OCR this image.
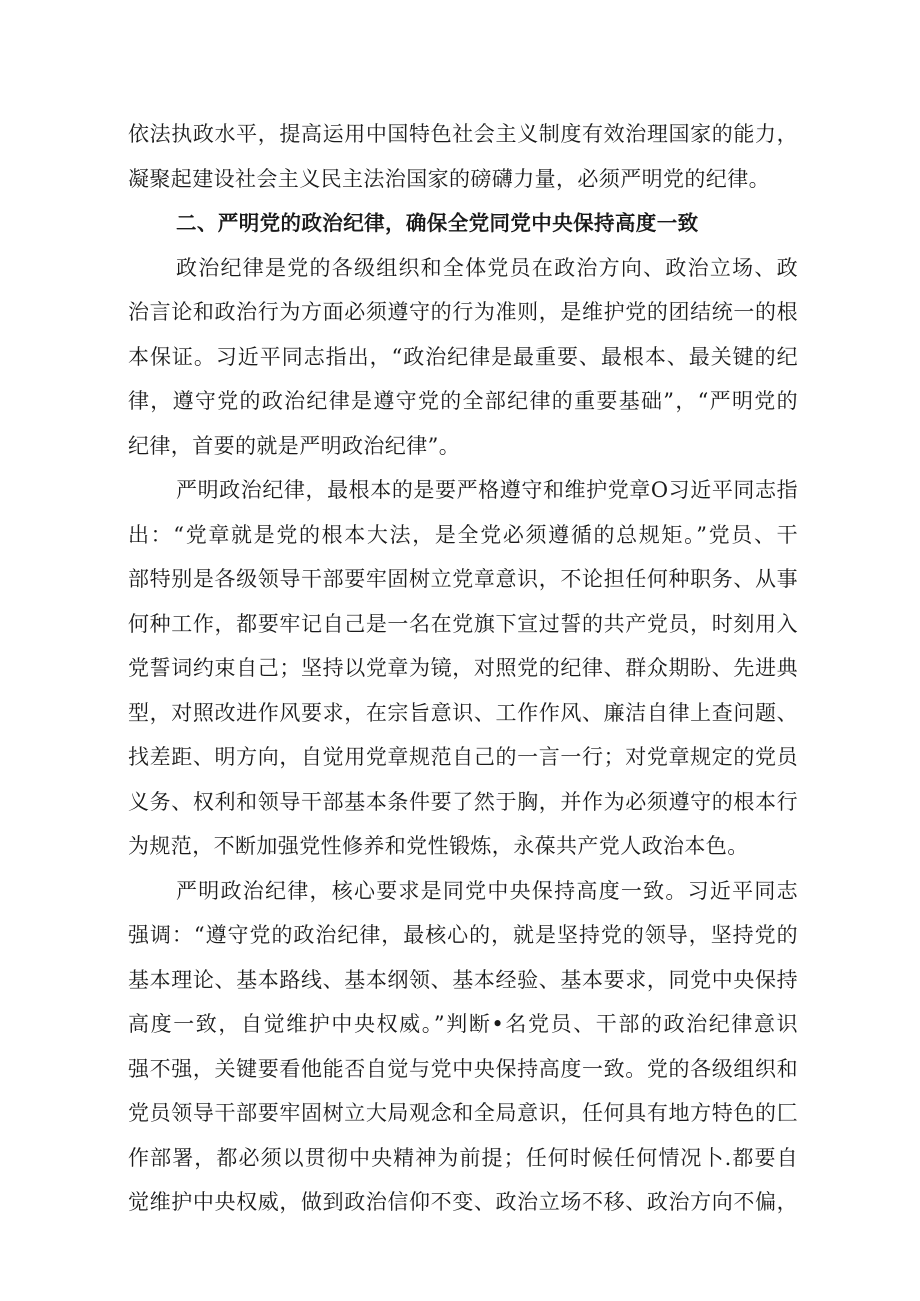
依法执政水平，提高运用中国特色社会主义制度有效治理国家的能力，
凝聚起建设社会主义民主法治国家的磅礴力量，必须严明党的纪律。
二、严明党的政治纪律，确保全党同党中央保持高度一致
政治纪律是党的各级组织和全体党员在政治方向、政治立场、政
治言论和政治行为方面必须遵守的行为准则，是维护党的团结统一的根
本保证。习近平同志指出，“政治纪律是最重要、最根本、最关键的纪
律，遵守党的政治纪律是遵守党的全部纪律的重要基础”，“严明党的
纪律，首要的就是严明政治纪律”。
严明政治纪律，最根本的是要严格遵守和维护党章O习近平同志指
出：“党章就是党的根本大法，是全党必须遵循的总规矩。”党员、干
部特别是各级领导干部要牢固树立党章意识，不论担任何种职务、从事
何种工作，都要牢记自己是一名在党旗下宣过誓的共产党员，时刻用入
党誓词约束自己；坚持以党章为镜，对照党的纪律、群众期盼、先进典
型，对照改进作风要求，在宗旨意识、工作作风、廉洁自律上查问题、
找差距、明方向，自觉用党章规范自己的一言一行；对党章规定的党员
义务、权利和领导干部基本条件要了然于胸，并作为必须遵守的根本行
为规范，不断加强党性修养和党性锻炼，永葆共产党人政治本色。
严明政治纪律，核心要求是同党中央保持高度一致。习近平同志
强调：“遵守党的政治纪律，最核心的，就是坚持党的领导，坚持党的
基本理论、基本路线、基本纲领、基本经验、基本要求，同党中央保持
高度一致，自觉维护中央权威。”判断•名党员、干部的政治纪律意识
强不强，关键要看他能否自觉与党中央保持高度一致。党的各级组织和
党员领导干部要牢固树立大局观念和全局意识，任何具有地方特色的匚
作部署，都必须以贯彻中央精神为前提；任何时候任何情况卜.都要自
觉维护中央权威，做到政治信仰不变、政治立场不移、政治方向不偏，
